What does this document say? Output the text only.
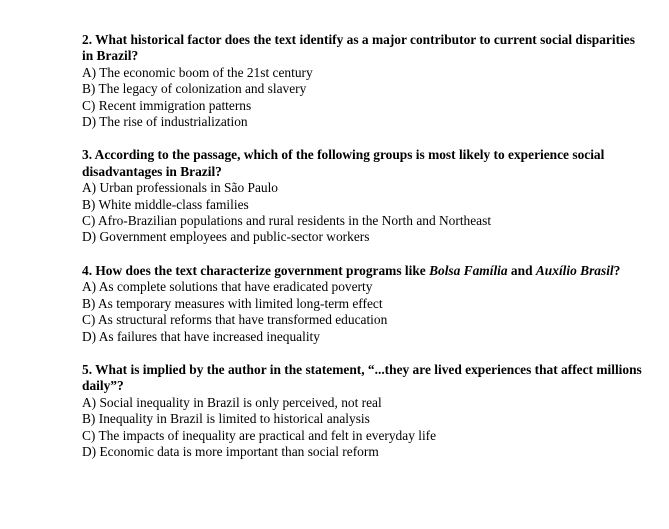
2. What historical factor does the text identify as a major contributor to current social disparities in Brazil?

A) The economic boom of the 21st century
B) The legacy of colonization and slavery
C) Recent immigration patterns
D) The rise of industrialization

3. According to the passage, which of the following groups is most likely to experience social disadvantages in Brazil?

A) Urban professionals in São Paulo
B) White middle-class families
C) Afro-Brazilian populations and rural residents in the North and Northeast
D) Government employees and public-sector workers

4. How does the text characterize government programs like Bolsa Família and Auxílio Brasil?

A) As complete solutions that have eradicated poverty
B) As temporary measures with limited long-term effect
C) As structural reforms that have transformed education
D) As failures that have increased inequality

5. What is implied by the author in the statement, “...they are lived experiences that affect millions daily”?

A) Social inequality in Brazil is only perceived, not real
B) Inequality in Brazil is limited to historical analysis
C) The impacts of inequality are practical and felt in everyday life
D) Economic data is more important than social reform
